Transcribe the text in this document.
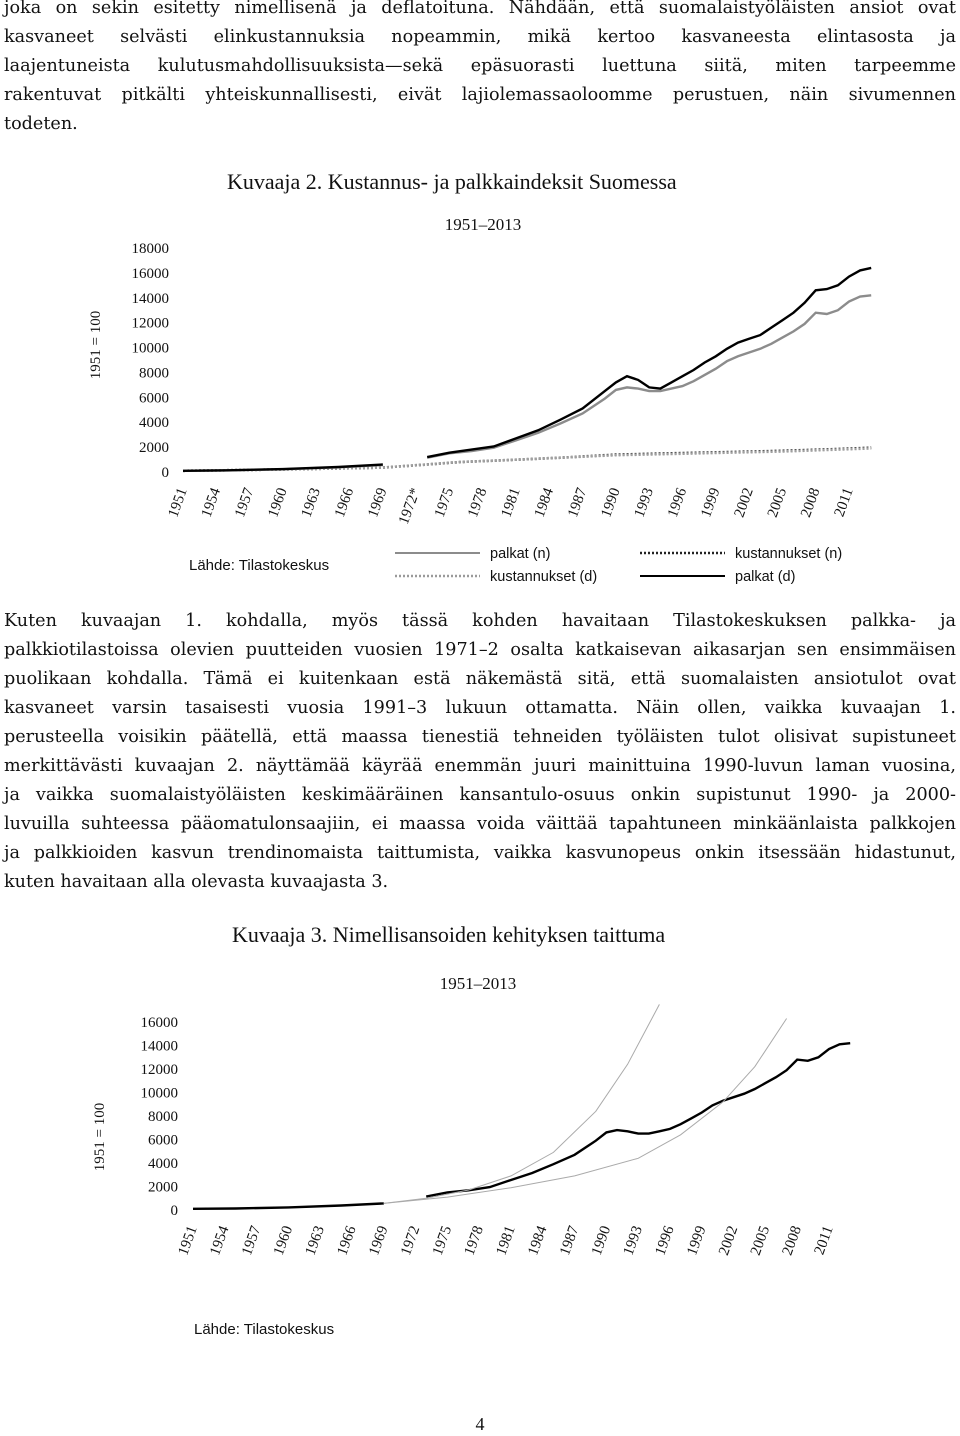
joka on sekin esitetty nimellisenä ja deflatoituna. Nähdään, että suomalaistyöläisten ansiot ovat
kasvaneet selvästi elinkustannuksia nopeammin, mikä kertoo kasvaneesta elintasosta ja
laajentuneista kulutusmahdollisuuksista—sekä epäsuorasti luettuna siitä, miten tarpeemme
rakentuvat pitkälti yhteiskunnallisesti, eivät lajiolemassaoloomme perustuen, näin sivumennen
todeten.
Kuvaaja 2. Kustannus- ja palkkaindeksit Suomessa
1951–2013
1951 = 100
0
2000
4000
6000
8000
10000
12000
14000
16000
18000
1951 1954 1957 1960 1963 1966 1969 1972* 1975 1978 1981 1984 1987 1990 1993 1996 1999 2002 2005 2008 2011
Lähde: Tilastokeskus
palkat (n)	kustannukset (n)
kustannukset (d)	palkat (d)
Kuten kuvaajan 1. kohdalla, myös tässä kohden havaitaan Tilastokeskuksen palkka- ja
palkkiotilastoissa olevien puutteiden vuosien 1971–2 osalta katkaisevan aikasarjan sen ensimmäisen
puolikaan kohdalla. Tämä ei kuitenkaan estä näkemästä sitä, että suomalaisten ansiotulot ovat
kasvaneet varsin tasaisesti vuosia 1991–3 lukuun ottamatta. Näin ollen, vaikka kuvaajan 1.
perusteella voisikin päätellä, että maassa tienestiä tehneiden työläisten tulot olisivat supistuneet
merkittävästi kuvaajan 2. näyttämää käyrää enemmän juuri mainittuina 1990-luvun laman vuosina,
ja vaikka suomalaistyöläisten keskimääräinen kansantulo-osuus onkin supistunut 1990- ja 2000-
luvuilla suhteessa pääomatulonsaajiin, ei maassa voida väittää tapahtuneen minkäänlaista palkkojen
ja palkkioiden kasvun trendinomaista taittumista, vaikka kasvunopeus onkin itsessään hidastunut,
kuten havaitaan alla olevasta kuvaajasta 3.
Kuvaaja 3. Nimellisansoiden kehityksen taittuma
1951–2013
1951 = 100
0
2000
4000
6000
8000
10000
12000
14000
16000
1951 1954 1957 1960 1963 1966 1969 1972 1975 1978 1981 1984 1987 1990 1993 1996 1999 2002 2005 2008 2011
Lähde: Tilastokeskus
4
